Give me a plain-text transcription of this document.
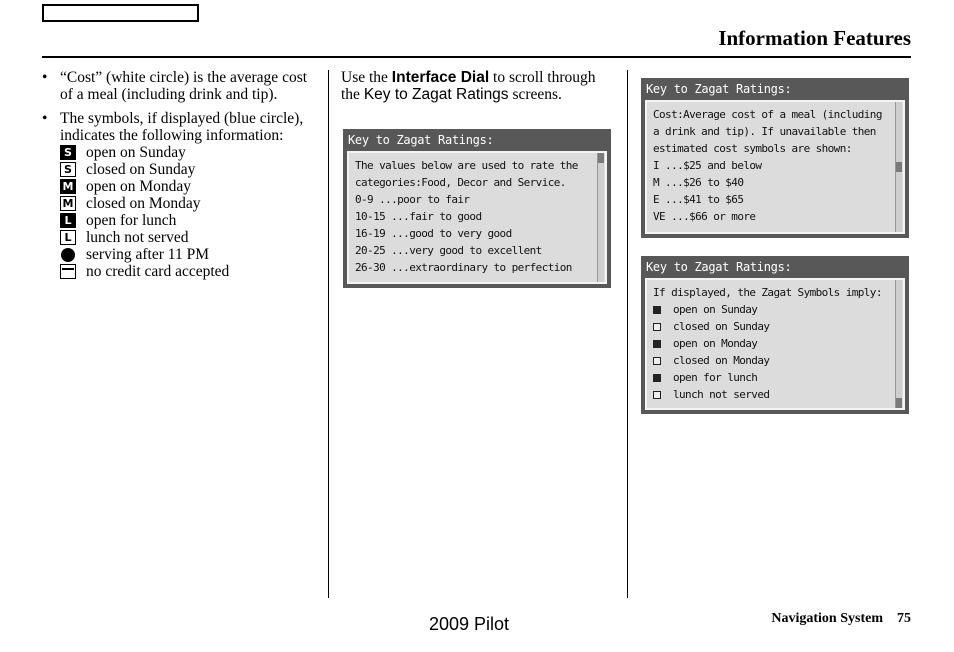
Information Features
• “Cost” (white circle) is the average cost of a meal (including drink and tip).
• The symbols, if displayed (blue circle), indicates the following information:
S open on Sunday
S closed on Sunday
M open on Monday
M closed on Monday
L open for lunch
L lunch not served
serving after 11 PM
no credit card accepted
Use the Interface Dial to scroll through the Key to Zagat Ratings screens.
Key to Zagat Ratings:
The values below are used to rate the
categories:Food, Decor and Service.
0-9 ...poor to fair
10-15 ...fair to good
16-19 ...good to very good
20-25 ...very good to excellent
26-30 ...extraordinary to perfection
Key to Zagat Ratings:
Cost:Average cost of a meal (including
a drink and tip). If unavailable then
estimated cost symbols are shown:
I ...$25 and below
M ...$26 to $40
E ...$41 to $65
VE ...$66 or more
Key to Zagat Ratings:
If displayed, the Zagat Symbols imply:
open on Sunday
closed on Sunday
open on Monday
closed on Monday
open for lunch
lunch not served
2009 Pilot	Navigation System 75
